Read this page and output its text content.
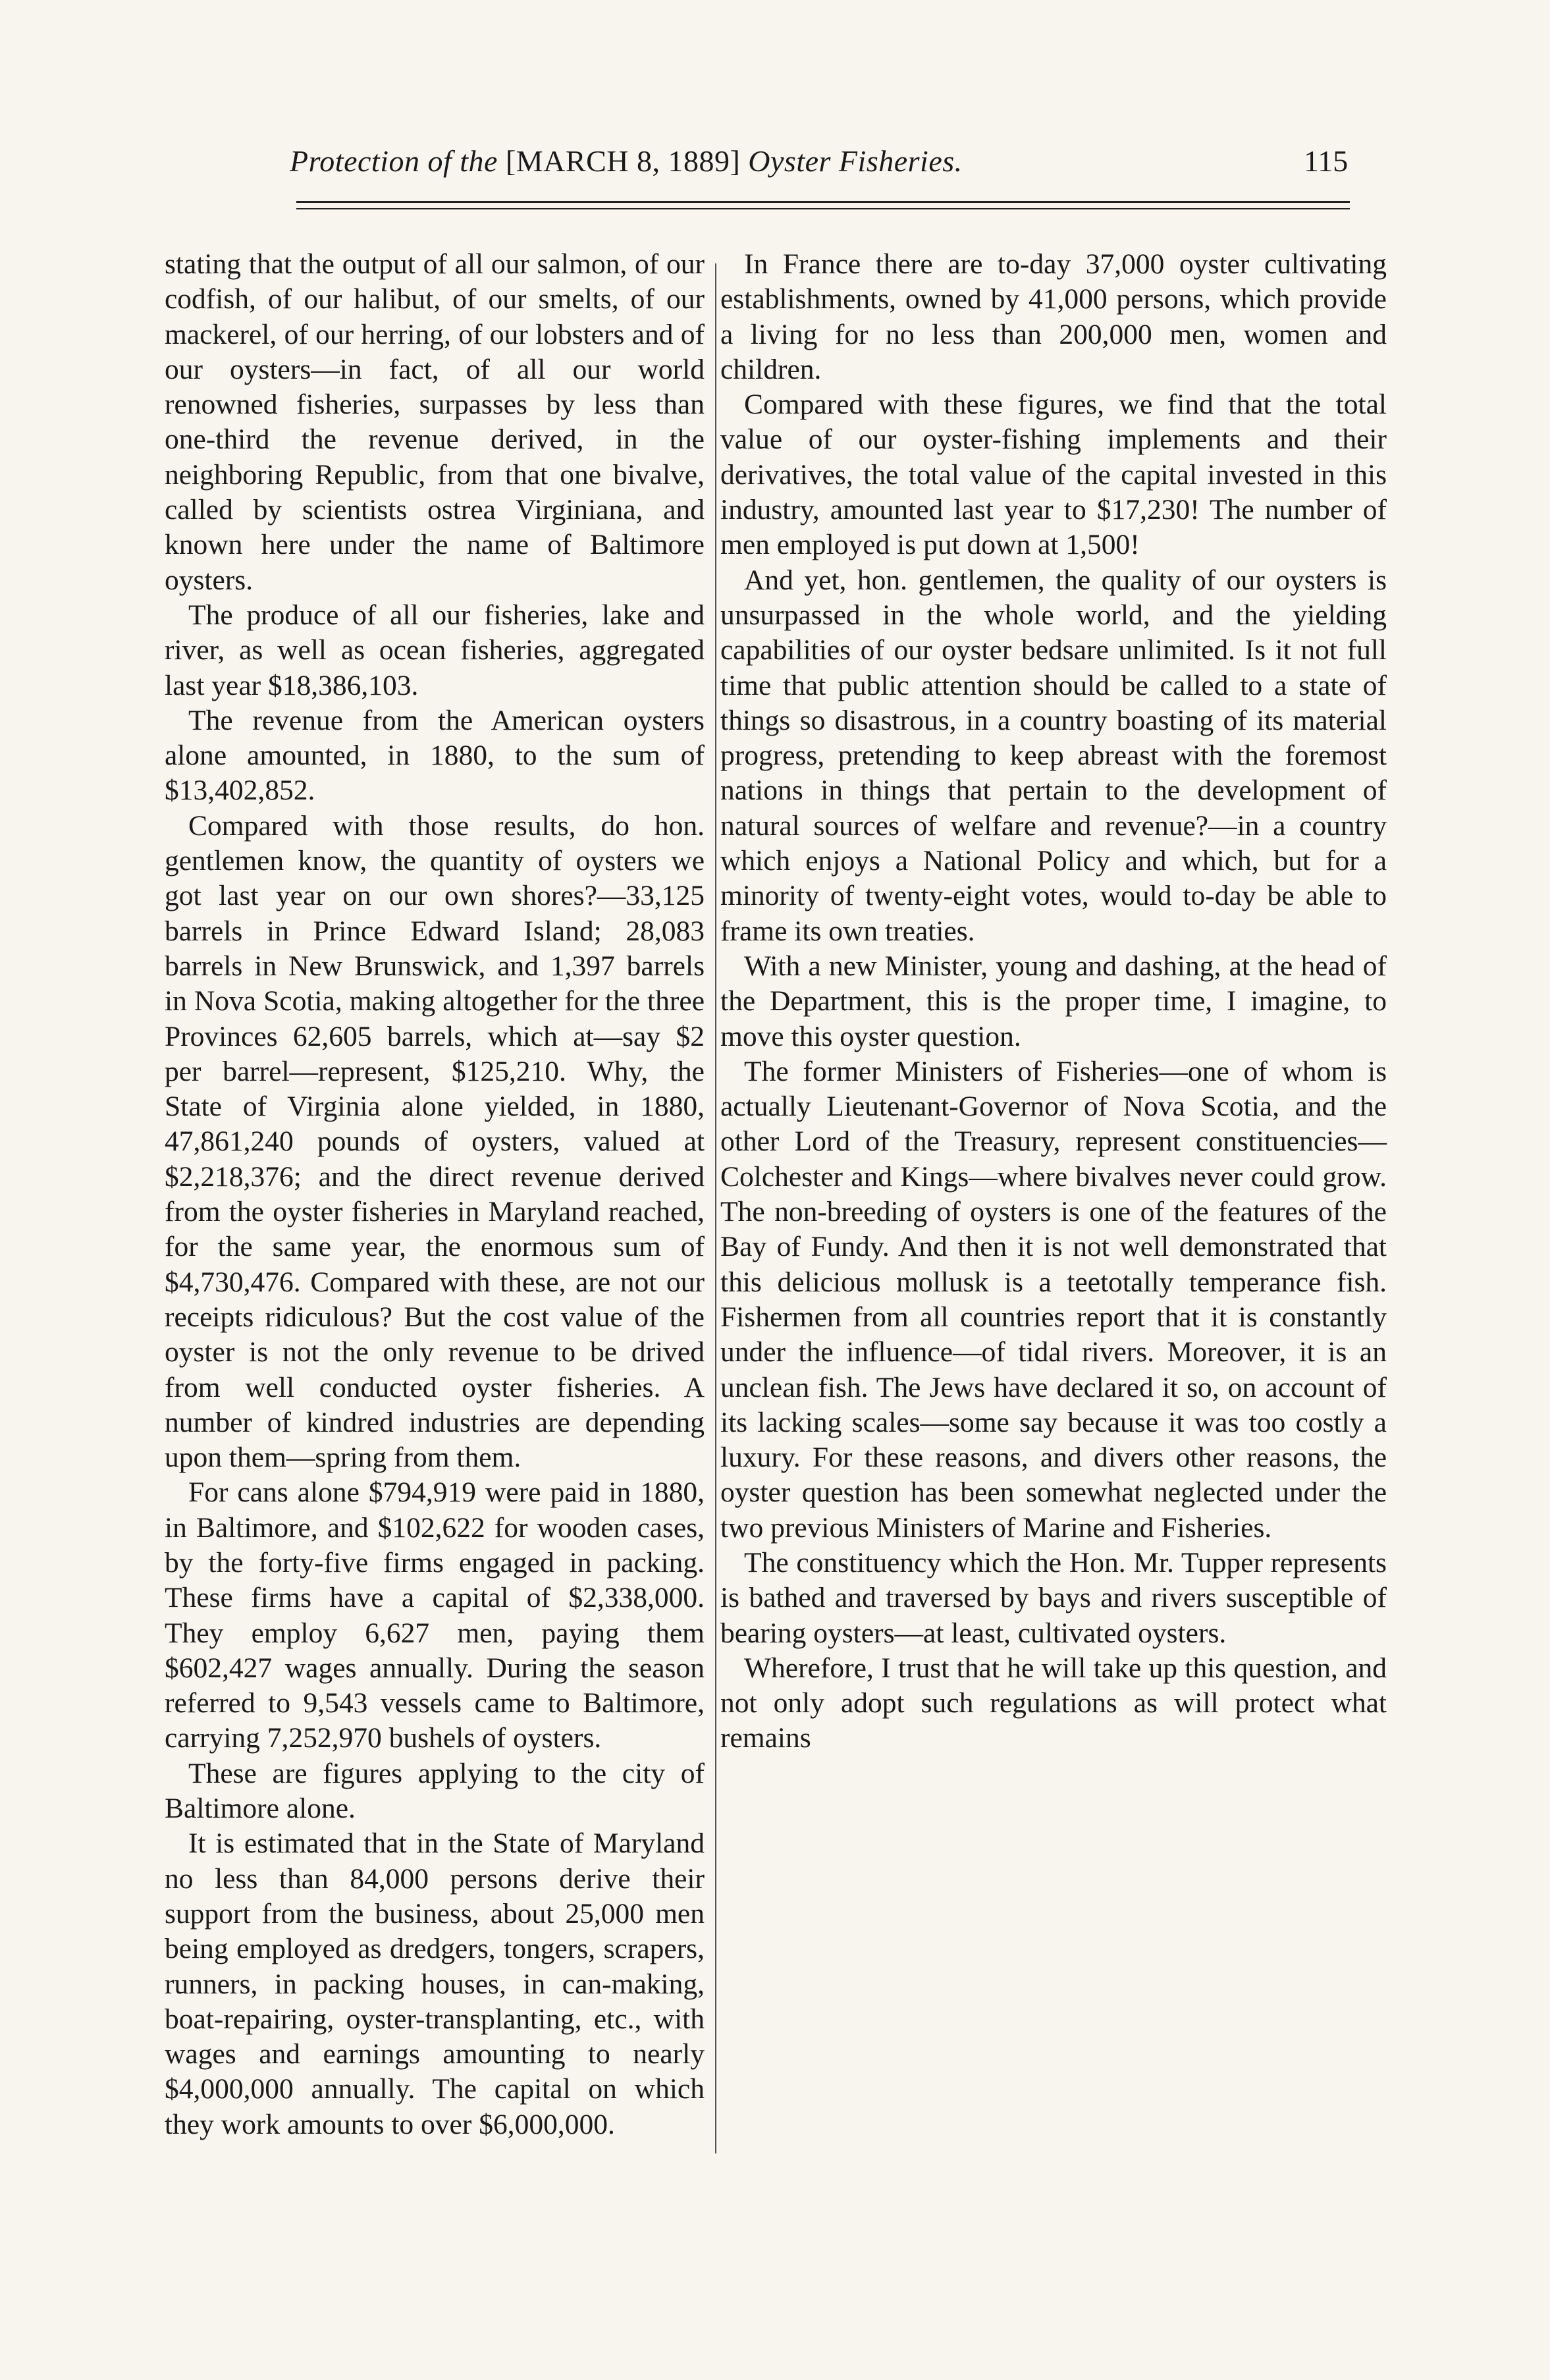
Protection of the [MARCH 8, 1889] Oyster Fisheries.	115

stating that the output of all our salmon, of our codfish, of our halibut, of our smelts, of our mackerel, of our herring, of our lobsters and of our oysters—in fact, of all our world renowned fisheries, surpasses by less than one-third the revenue derived, in the neighboring Republic, from that one bivalve, called by scientists ostrea Virginiana, and known here under the name of Baltimore oysters.

The produce of all our fisheries, lake and river, as well as ocean fisheries, aggregated last year $18,386,103.

The revenue from the American oysters alone amounted, in 1880, to the sum of $13,402,852.

Compared with those results, do hon. gentlemen know, the quantity of oysters we got last year on our own shores?—33,125 barrels in Prince Edward Island; 28,083 barrels in New Brunswick, and 1,397 barrels in Nova Scotia, making altogether for the three Provinces 62,605 barrels, which at—say $2 per barrel—represent, $125,210. Why, the State of Virginia alone yielded, in 1880, 47,861,240 pounds of oysters, valued at $2,218,376; and the direct revenue derived from the oyster fisheries in Maryland reached, for the same year, the enormous sum of $4,730,476. Compared with these, are not our receipts ridiculous? But the cost value of the oyster is not the only revenue to be drived from well conducted oyster fisheries. A number of kindred industries are depending upon them—spring from them.

For cans alone $794,919 were paid in 1880, in Baltimore, and $102,622 for wooden cases, by the forty-five firms engaged in packing. These firms have a capital of $2,338,000. They employ 6,627 men, paying them $602,427 wages annually. During the season referred to 9,543 vessels came to Baltimore, carrying 7,252,970 bushels of oysters.

These are figures applying to the city of Baltimore alone.

It is estimated that in the State of Maryland no less than 84,000 persons derive their support from the business, about 25,000 men being employed as dredgers, tongers, scrapers, runners, in packing houses, in can-making, boat-repairing, oyster-transplanting, etc., with wages and earnings amounting to nearly $4,000,000 annually. The capital on which they work amounts to over $6,000,000.

In France there are to-day 37,000 oyster cultivating establishments, owned by 41,000 persons, which provide a living for no less than 200,000 men, women and children.

Compared with these figures, we find that the total value of our oyster-fishing implements and their derivatives, the total value of the capital invested in this industry, amounted last year to $17,230! The number of men employed is put down at 1,500!

And yet, hon. gentlemen, the quality of our oysters is unsurpassed in the whole world, and the yielding capabilities of our oyster bedsare unlimited. Is it not full time that public attention should be called to a state of things so disastrous, in a country boasting of its material progress, pretending to keep abreast with the foremost nations in things that pertain to the development of natural sources of welfare and revenue?—in a country which enjoys a National Policy and which, but for a minority of twenty-eight votes, would to-day be able to frame its own treaties.

With a new Minister, young and dashing, at the head of the Department, this is the proper time, I imagine, to move this oyster question.

The former Ministers of Fisheries—one of whom is actually Lieutenant-Governor of Nova Scotia, and the other Lord of the Treasury, represent constituencies—Colchester and Kings—where bivalves never could grow. The non-breeding of oysters is one of the features of the Bay of Fundy. And then it is not well demonstrated that this delicious mollusk is a teetotally temperance fish. Fishermen from all countries report that it is constantly under the influence—of tidal rivers. Moreover, it is an unclean fish. The Jews have declared it so, on account of its lacking scales—some say because it was too costly a luxury. For these reasons, and divers other reasons, the oyster question has been somewhat neglected under the two previous Ministers of Marine and Fisheries.

The constituency which the Hon. Mr. Tupper represents is bathed and traversed by bays and rivers susceptible of bearing oysters—at least, cultivated oysters.

Wherefore, I trust that he will take up this question, and not only adopt such regulations as will protect what remains
